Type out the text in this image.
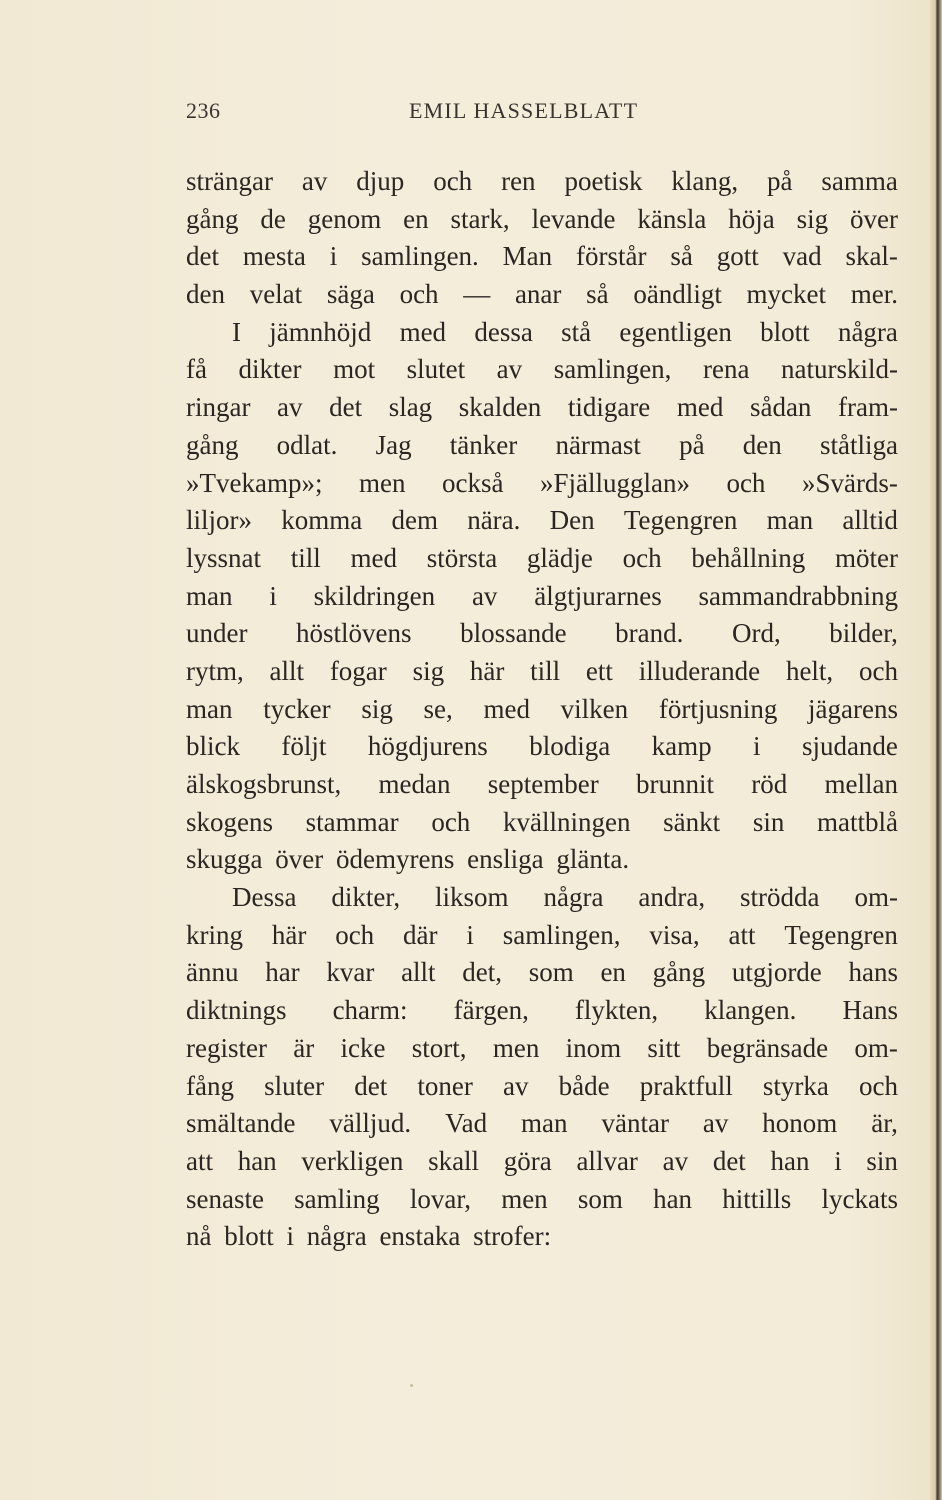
236	EMIL HASSELBLATT
strängar av djup och ren poetisk klang, på samma
gång de genom en stark, levande känsla höja sig över
det mesta i samlingen. Man förstår så gott vad skal-
den velat säga och — anar så oändligt mycket mer.
I jämnhöjd med dessa stå egentligen blott några
få dikter mot slutet av samlingen, rena naturskild-
ringar av det slag skalden tidigare med sådan fram-
gång odlat. Jag tänker närmast på den ståtliga
»Tvekamp»; men också »Fjällugglan» och »Svärds-
liljor» komma dem nära. Den Tegengren man alltid
lyssnat till med största glädje och behållning möter
man i skildringen av älgtjurarnes sammandrabbning
under höstlövens blossande brand. Ord, bilder,
rytm, allt fogar sig här till ett illuderande helt, och
man tycker sig se, med vilken förtjusning jägarens
blick följt högdjurens blodiga kamp i sjudande
älskogsbrunst, medan september brunnit röd mellan
skogens stammar och kvällningen sänkt sin mattblå
skugga över ödemyrens ensliga glänta.
Dessa dikter, liksom några andra, strödda om-
kring här och där i samlingen, visa, att Tegengren
ännu har kvar allt det, som en gång utgjorde hans
diktnings charm: färgen, flykten, klangen. Hans
register är icke stort, men inom sitt begränsade om-
fång sluter det toner av både praktfull styrka och
smältande välljud. Vad man väntar av honom är,
att han verkligen skall göra allvar av det han i sin
senaste samling lovar, men som han hittills lyckats
nå blott i några enstaka strofer:
